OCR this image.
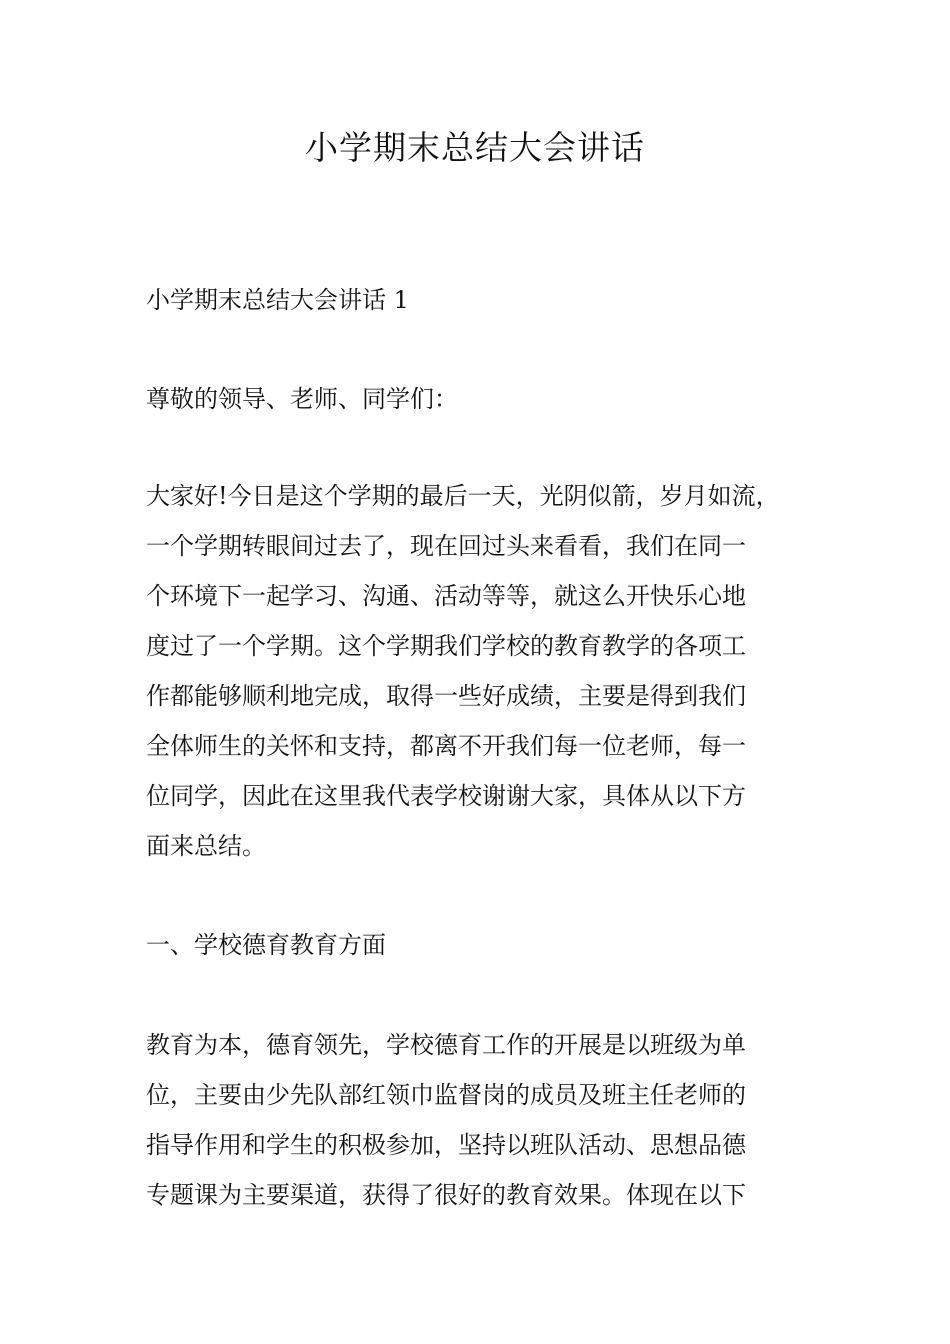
小学期末总结大会讲话

小学期末总结大会讲话 1

尊敬的领导、老师、同学们：

大家好!今日是这个学期的最后一天，光阴似箭，岁月如流，
一个学期转眼间过去了，现在回过头来看看，我们在同一
个环境下一起学习、沟通、活动等等，就这么开快乐心地
度过了一个学期。这个学期我们学校的教育教学的各项工
作都能够顺利地完成，取得一些好成绩，主要是得到我们
全体师生的关怀和支持，都离不开我们每一位老师，每一
位同学，因此在这里我代表学校谢谢大家，具体从以下方
面来总结。

一、学校德育教育方面

教育为本，德育领先，学校德育工作的开展是以班级为单
位，主要由少先队部红领巾监督岗的成员及班主任老师的
指导作用和学生的积极参加，坚持以班队活动、思想品德
专题课为主要渠道，获得了很好的教育效果。体现在以下
